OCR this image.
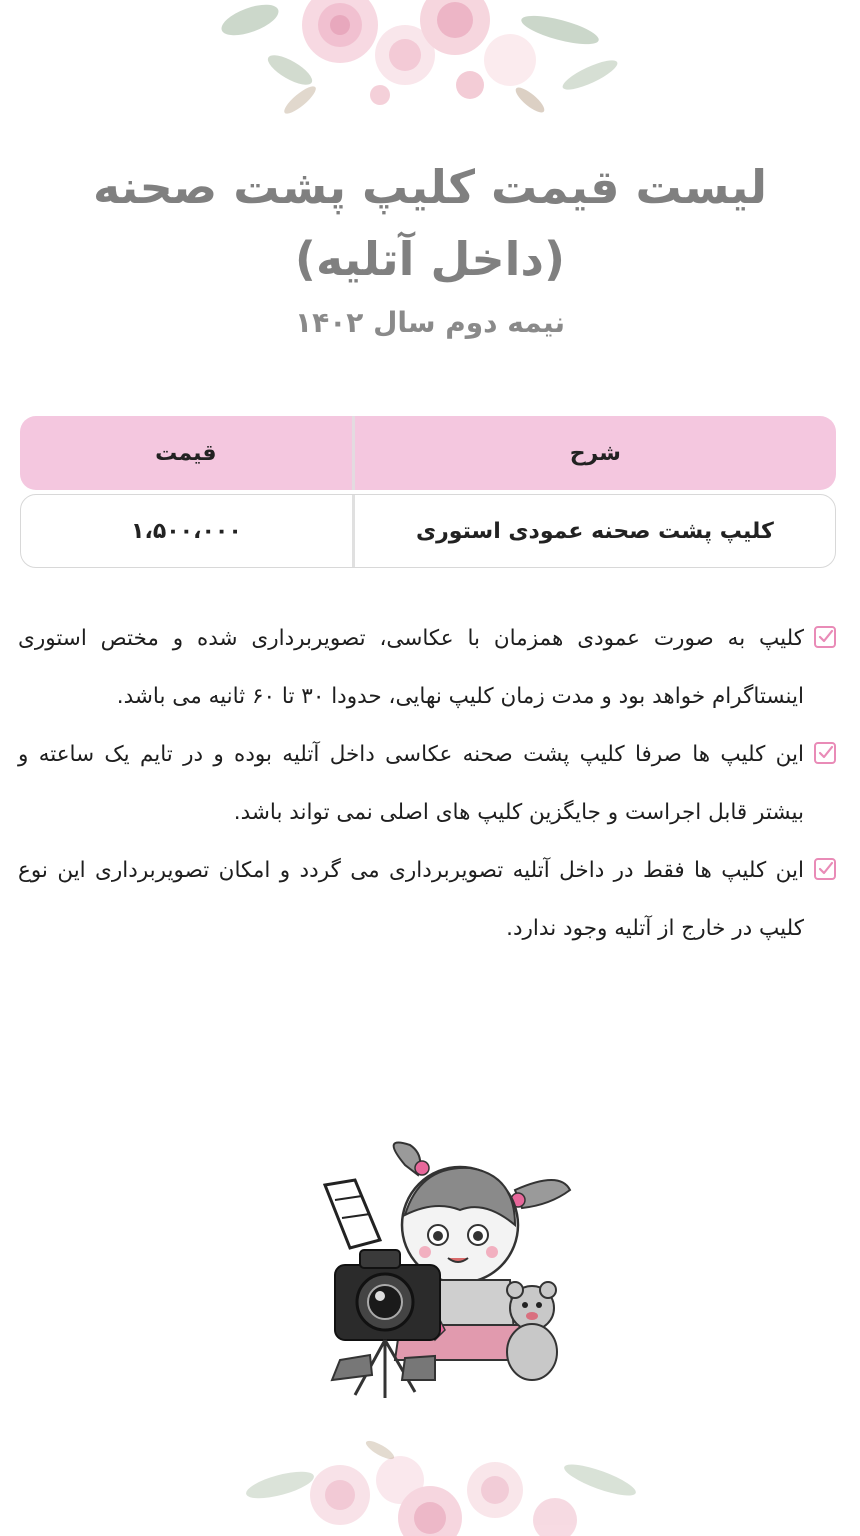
لیست قیمت کلیپ پشت صحنه
(داخل آتلیه)
نیمه دوم سال ۱۴۰۲
شرح
قیمت
کلیپ پشت صحنه عمودی استوری
۱،۵۰۰،۰۰۰
کلیپ به صورت عمودی همزمان با عکاسی، تصویربرداری شده و مختص استوری اینستاگرام خواهد بود و مدت زمان کلیپ نهایی، حدودا ۳۰ تا ۶۰ ثانیه می باشد.
این کلیپ ها صرفا کلیپ پشت صحنه عکاسی داخل آتلیه بوده و در تایم یک ساعته و بیشتر قابل اجراست و جایگزین کلیپ های اصلی نمی تواند باشد.
این کلیپ ها فقط در داخل آتلیه تصویربرداری می گردد و امکان تصویربرداری این نوع کلیپ در خارج از آتلیه وجود ندارد.
